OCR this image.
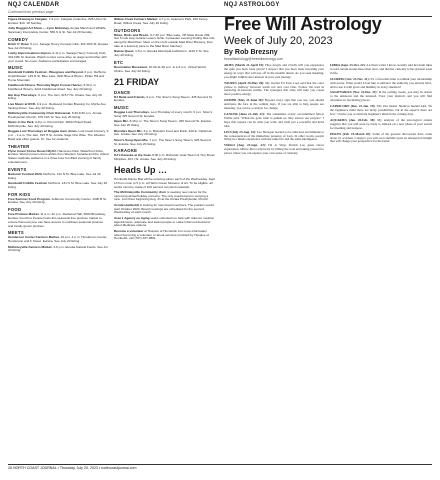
NQJ CALENDAR	NQJ ASTROLOGY
Continued from previous page
Figure Drawing in Fairgate. 7-9 p.m. Fairgate Collective, 825 Union St. Eureka. $10. 18 Sunday.
Jolly Ruggett Art Show — Lynn Mckinney. Arcata Marsh and Wildlife Sanctuary Interpretive Center. 569 S G St. Sat Jul 29 Sunday.
COMEDY
Drink 'n' Draw. 6 p.m. Savage Henry Comedy Club, 401 Fifth St. Eureka. See Jul 20 listing.
Lucky Improvisations Improv. 6-11 p.m. Savage Henry Comedy Club, 401 Fifth St. Eureka. Watch comics come alive on stage and further with your crowd. No cover. Audience participation encouraged.
MUSIC
Humboldt Folklife Festival - Bluegrass and Beyond. 6 p.m. DelTerra Amphitheater, 129 N St. Blue Lake. With Blue & Bloom, Pickle Hill and Home Mountain.
Fieldbrook Fitness Thursday Night Concert Series. 5:30 p.m. Fieldbrook Winery, 4241 Fieldbrook Road. See July 20 listing.
Hip Hop Thursdays. 9 p.m. The Jam, 915 H St. Arcata. See July 20 listing.
Live Music at RCR. 4-9 p.m. Redwood Curtain Brewing Co. Myrtle Ave Tasting Room. See July 20 listing.
McKinleyville Community Choir Rehearsal. 6:30-8:30 p.m. Arcata Presbyterian Church, 670 11th St. See July 20 listing.
Music in the Park. 6-8 p.m. Perrott Park. 900A Pickett Road. McKinleyville. See July 20 listing.
Reggae Lust Thursdays w/ Reggae Gem Jones. Lost Coast brewery, 9 p.m. - 1 a.m. The Jam, 915 H St. Arcata. Sage One Wise, The Wisdom Band and other guests. Or, free for students.
THEATER
Flynn Coast Circus Desert Myth!. Halvorsen Park, Waterfront Drive, Eureka. World renown circus artists from Western Canada and the United States captivate audience in a three-hour fun-filled evening of family entertainment.
EVENTS
Badscarr Festival 2023. DelTerra. 131 N St. Blue Lake. See Jul 20 listing.
Humboldt Folklife Festival. DelTerra. 131 N St. Blue Lake. See July 20 listing.
FOR KIDS
Free Summer Food Program. Jefferson Community Center, 1000 B St. Eureka. See July 20 listing.
FOOD
Free Produce Market. 11 a.m.-12 p.m. Redwood Hall, 5000 Broadway, Eureka. Food For People hosts this seasonal free produce market to ensure that everyone can have access to nutritious seasonal produce and locally grown produce.
MEETS
Henderson Center Farmers Market. 10 a.m.-1 p.m. Henderson Center, Henderson and F Street. Eureka. See July 20 listing.
McKinleyville Farmers Market. 3-6 p.m. Eureka Natural Foods. See Jul 20 listing.
Willow Creek Farmers Market. 4-7 p.m. Veteran's Park, 100 Kenny Road, Willow Creek. See July 20 listing.
OUTDOORS
Bikes, Birds and Brews. 6-7:30 p.m. Blue Lake, Off State Route 299. Get 5 mile loop outside Lowe's Grille. A pleasant evening birding bike ride along the Mad River. Meet on the roofs outside Mad River Brewery, then take at a leisurely pace to the Mad River hatchery.
Nature Quest. 1-5 p.m. Eureka Municipal Auditorium, 1120 F St. See July 20 listing.
ETC
Restorative Movement. 10:30-11:30 a.m. & 2-3 p.m. Virtual World, Online. See July 20 listing.
21 FRIDAY
DANCE
DJ Dank and Friends. 9 p.m. The Siren's Song Tavern, 325 Second St. Eureka.
MUSIC
Reggae Lust Thursdays. Lost Thursday of every month, 9 p.m. Siren's Song 325 Second St. Eureka.
Open Mic. 8:15 p.m. The Siren's Song Tavern, 325 Second St. Eureka. See July 20 listing.
Blondies Open Mic. 6 p.m. Blondies Food and Drink, 420 E. California Ave. Arcata. See July 20 listing.
Siren's Song Open Mic. 7 p.m. The Siren's Song Tavern, 325 Second St. Eureka. See July 20 listing.
KARAOKE
KJ's Karaoke at the Goat. 8:30 p.m. Richards' Goat Tavern & Tiny Room Minipiles, 401 I St. Arcata. See July 20 listing.
Heads Up …
Humboldt Dance Belt will be entering winter each of the Wednesday. Sept 13 from noon to 5 p.m. at Harris Green Museum of Art. To be eligible, art works must be made of 100 percent recycled materials.
The McKinleyville Community choir is seeking new voices for the upcoming winter/holiday concerts. The only requirement is carrying a tune. Join them beginning Aug. 31 at the Arcata Presbyterian Church.
Arcata Humboldt is looking for new board members. The position would start October 2023. Board meetings are scheduled for the second Wednesday of each month.
Area 1 Agency on Aging seeks volunteers to help with rides for medical appointments, advocate and assist people to make informed decisions about Medicare options.
Become a volunteer at Hospice of Humboldt. For more information about becoming a volunteer or about services provided by Hospice of Humboldt, call (707) 267-9801.
Free Will Astrology
Week of July 20, 2023
By Rob Brezsny
freewillastrology@freewillastrology.com

ARIES (March 21-April 19): How deeply and vividly will you experience the gifts you have been given? I suspect that you have been investing your energy in ways that will pay off in the months ahead. As you seek meaning, you might exhibit extra interest in your own journey.

TAURUS (April 20-May 20): My teacher Ed Farn Coee said that the color yellow is midway between warm red and cool blue. Follow his lead in exploring in-between realms. The synergies that arise will help you create more positive energy.

GEMINI (May 21-June 20): Beyond every sign that you see, you should anticipate the face in the coming days. If you are able to help people see meaning, you can be a catalyst for change.

CANCER (June 21-July 22): The sometimes overly overwhelmed fellow Wallie said, "When the gods wish to punish us, they answer our prayers." I hope that request can be what you want, and wish you a powerful and lucid idea.

LEO (July 23-Aug. 22): Leo Hexagon learned to be oblivious and immune to the consequences of the immediate presence of Lion. In other words, people living in a minds experience with the same fire and the same intelligence.

VIRGO (Aug. 23-Sept. 22): I'm at Virgo Patrick Leo guest Oscer exploration. Mirror life's reciprocity by hitting the road and taking yourself to places where you can explore your own sense of curiosity.

LIBRA (Sept. 23-Oct. 22): A Libran writer I know recently said her brain likes to read certain stories more than once, and that her curiosity is her greatest asset in life.

SCORPIO (Oct. 23-Nov. 21): It's a favorable time to rethink your relationship with power. What would it feel like to embrace the authority you already have, and to use it with grace and humility in every situation?

SAGITTARIUS (Nov. 22-Dec. 21): In the coming weeks, you may be drawn to the unknown and the untested. Trust your instincts and you will find adventure in fascinating places.

CAPRICORN (Dec. 22-Jan. 19): The Zen master Shunryu Suzuki said, "In the beginner's mind there are many possibilities, but in the expert's there are few." I invite you to cultivate beginner's mind in the coming days.

AQUARIUS (Jan. 20-Feb. 18): My analysis of the astrological omens suggests that you will soon be ready to embark on a new phase of your search for meaning and purpose.

PISCES (Feb. 19-March 20): Some of the greatest discoveries have come about by accident. I suspect you will soon stumble upon an unexpected insight that will change your perspective for the better.

26 NORTH COAST JOURNAL • Thursday, July 20, 2023 • northcoastjournal.com
